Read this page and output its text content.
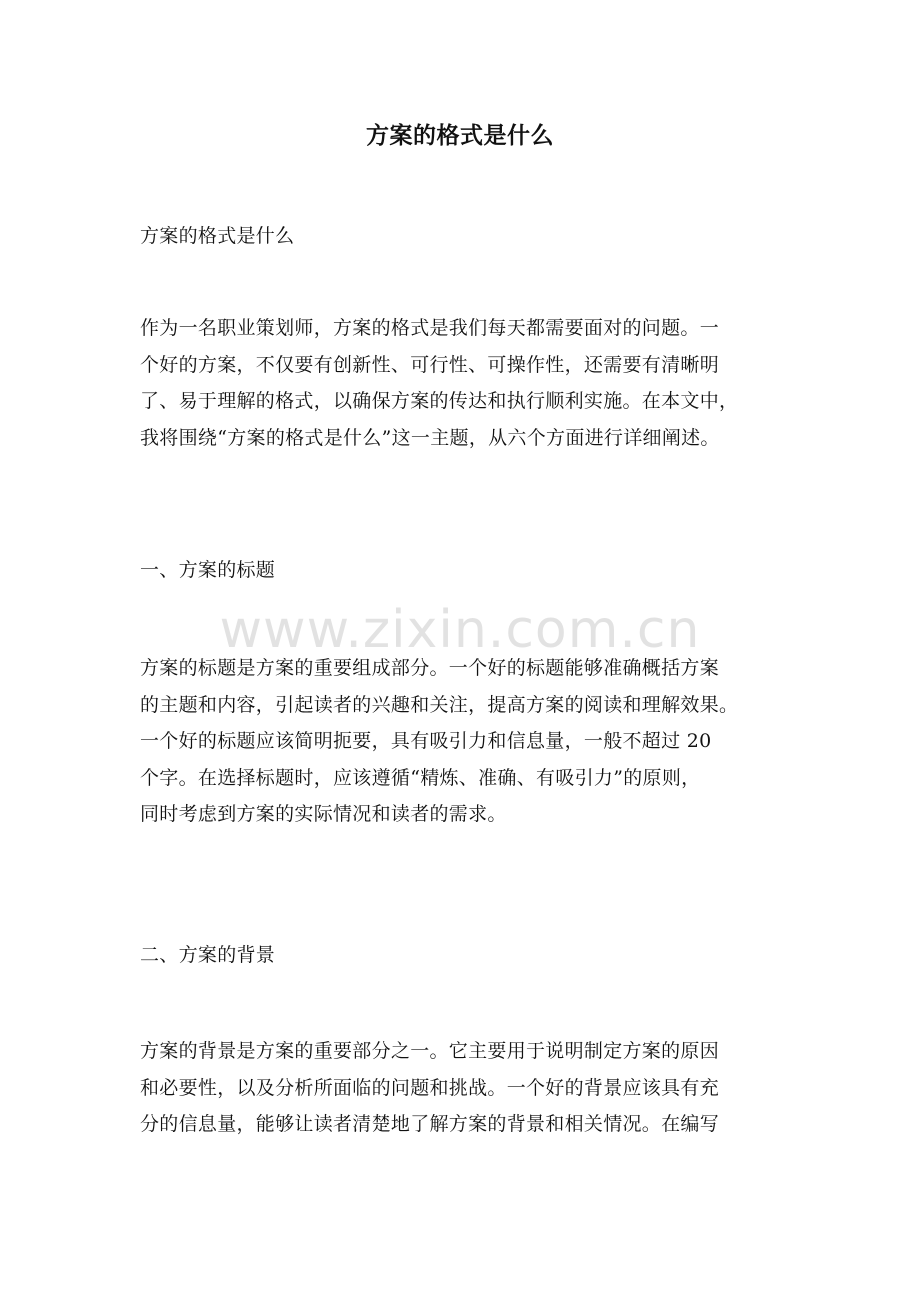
方案的格式是什么
方案的格式是什么
作为一名职业策划师，方案的格式是我们每天都需要面对的问题。一
个好的方案，不仅要有创新性、可行性、可操作性，还需要有清晰明
了、易于理解的格式，以确保方案的传达和执行顺利实施。在本文中，
我将围绕“方案的格式是什么”这一主题，从六个方面进行详细阐述。
一、方案的标题
方案的标题是方案的重要组成部分。一个好的标题能够准确概括方案
的主题和内容，引起读者的兴趣和关注，提高方案的阅读和理解效果。
一个好的标题应该简明扼要，具有吸引力和信息量，一般不超过 20
个字。在选择标题时，应该遵循“精炼、准确、有吸引力”的原则，
同时考虑到方案的实际情况和读者的需求。
二、方案的背景
方案的背景是方案的重要部分之一。它主要用于说明制定方案的原因
和必要性，以及分析所面临的问题和挑战。一个好的背景应该具有充
分的信息量，能够让读者清楚地了解方案的背景和相关情况。在编写
www.zixin.com.cn
